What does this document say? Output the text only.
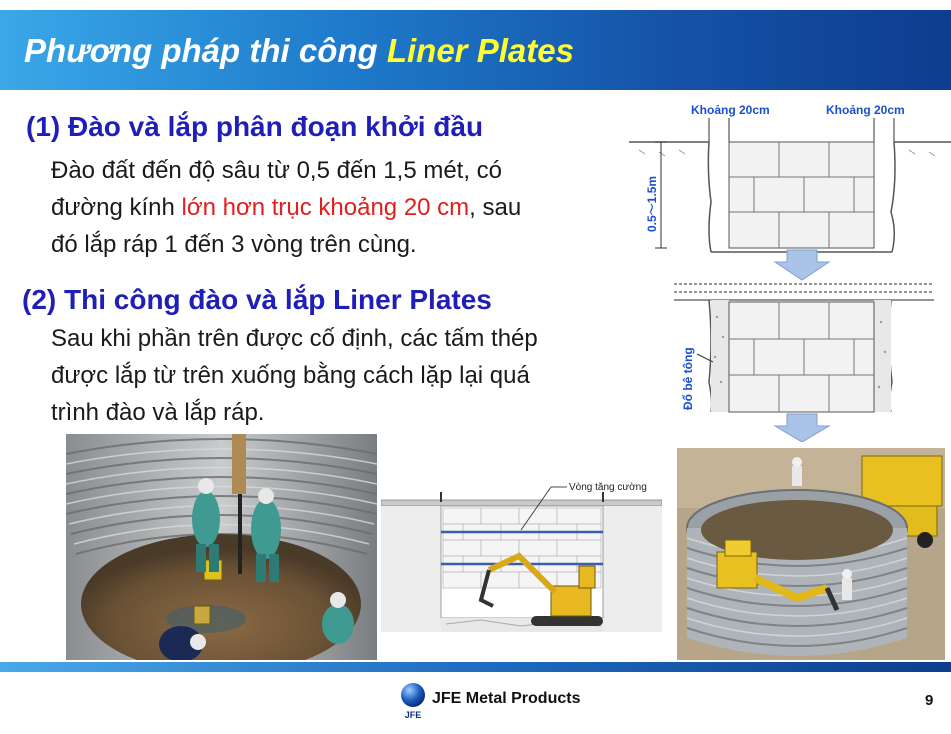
Phương pháp thi công Liner Plates
(1) Đào và lắp phân đoạn khởi đầu
Đào đất đến độ sâu từ 0,5 đến 1,5 mét, có
đường kính lớn hơn trục khoảng 20 cm, sau
đó lắp ráp 1 đến 3 vòng trên cùng.
(2) Thi công đào và lắp Liner Plates
Sau khi phần trên được cố định, các tấm thép
được lắp từ trên xuống bằng cách lặp lại quá
trình đào và lắp ráp.
Khoảng 20cm	Khoảng 20cm
0.5～1.5m
Đổ bê tông
Vòng tăng cường
JFE
JFE Metal Products	9
